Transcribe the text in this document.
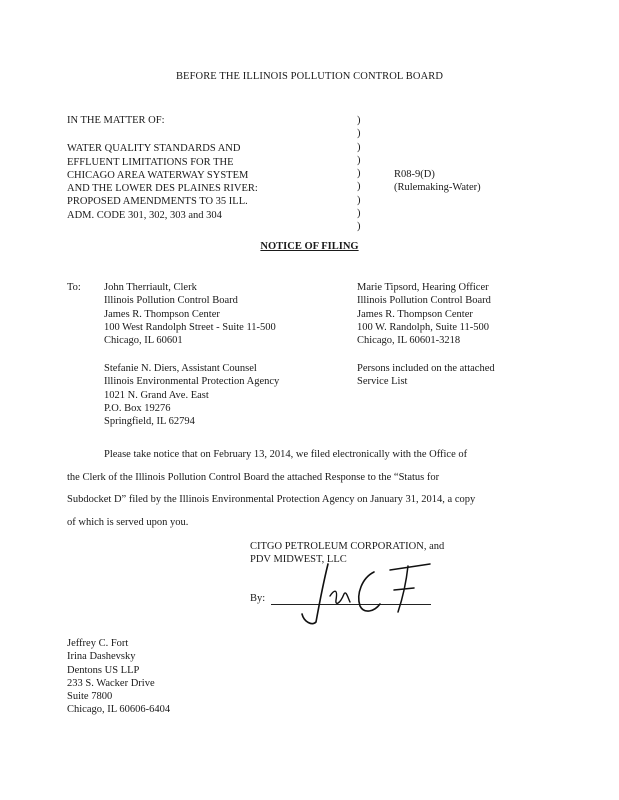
BEFORE THE ILLINOIS POLLUTION CONTROL BOARD
IN THE MATTER OF:
WATER QUALITY STANDARDS AND
EFFLUENT LIMITATIONS FOR THE
CHICAGO AREA WATERWAY SYSTEM
AND THE LOWER DES PLAINES RIVER:
PROPOSED AMENDMENTS TO 35 ILL.
ADM. CODE 301, 302, 303 and 304
)
)
)
)
)
)
)
)
)
R08-9(D)
(Rulemaking-Water)
NOTICE OF FILING
To: John Therriault, Clerk
Illinois Pollution Control Board
James R. Thompson Center
100 West Randolph Street - Suite 11-500
Chicago, IL 60601
Marie Tipsord, Hearing Officer
Illinois Pollution Control Board
James R. Thompson Center
100 W. Randolph, Suite 11-500
Chicago, IL 60601-3218
Stefanie N. Diers, Assistant Counsel
Illinois Environmental Protection Agency
1021 N. Grand Ave. East
P.O. Box 19276
Springfield, IL 62794
Persons included on the attached
Service List
Please take notice that on February 13, 2014, we filed electronically with the Office of
the Clerk of the Illinois Pollution Control Board the attached Response to the “Status for
Subdocket D” filed by the Illinois Environmental Protection Agency on January 31, 2014, a copy
of which is served upon you.
CITGO PETROLEUM CORPORATION, and
PDV MIDWEST, LLC
By:
Jeffrey C. Fort
Irina Dashevsky
Dentons US LLP
233 S. Wacker Drive
Suite 7800
Chicago, IL 60606-6404
